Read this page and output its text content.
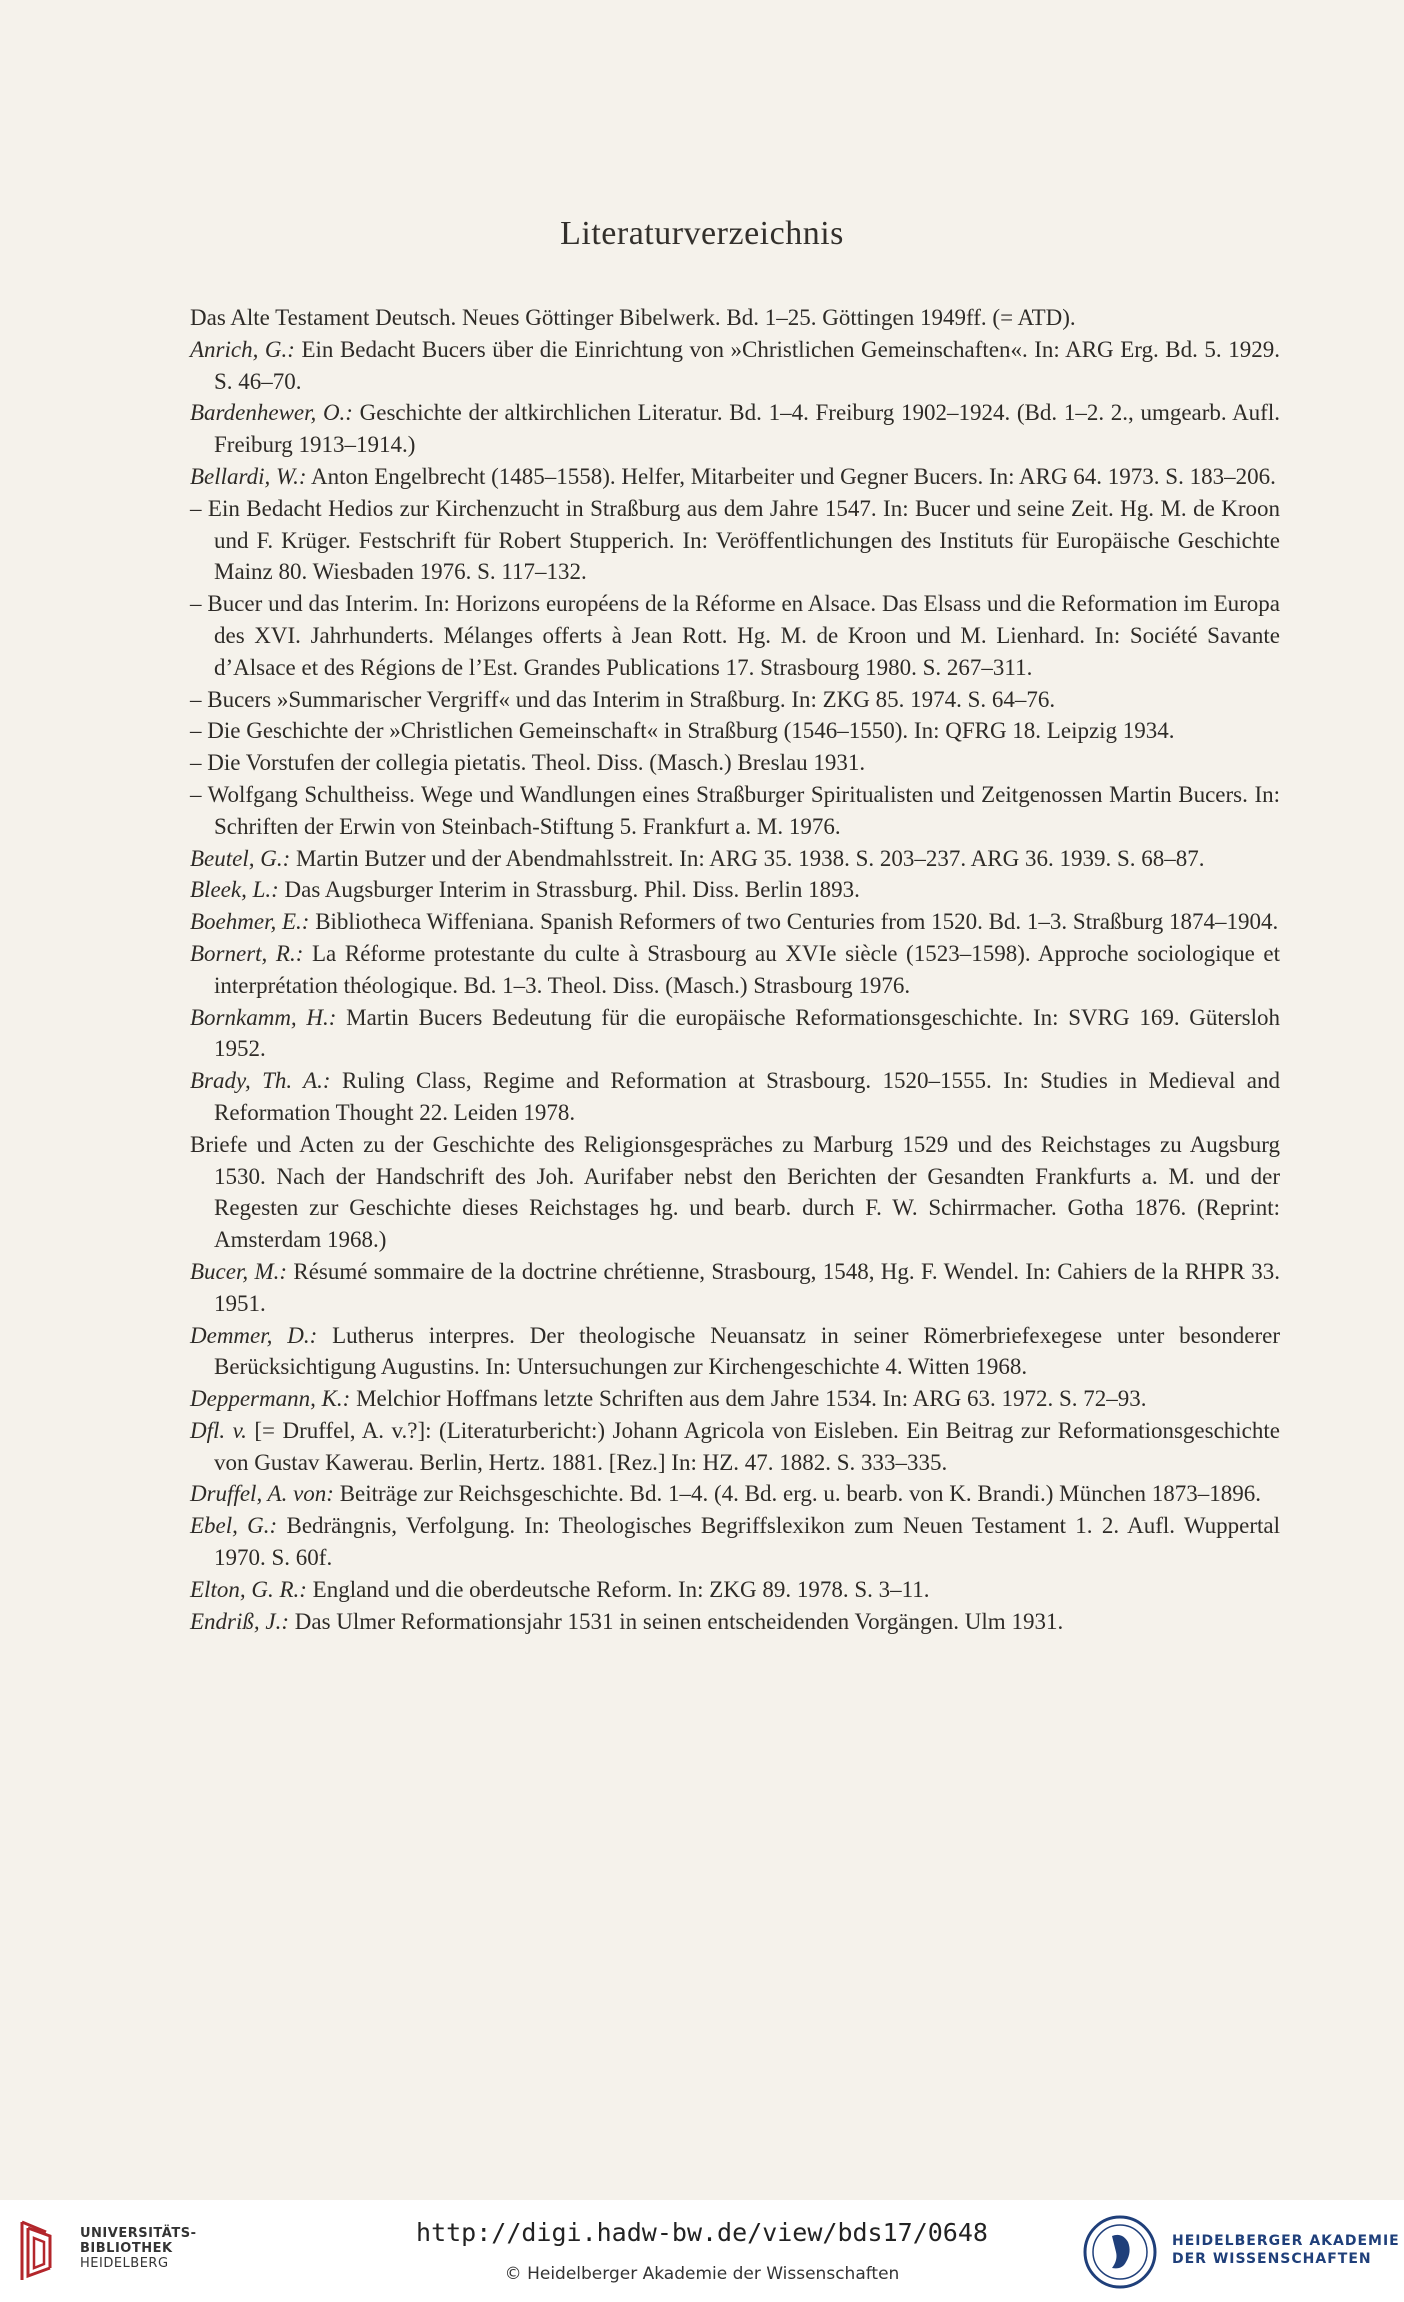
Literaturverzeichnis
Das Alte Testament Deutsch. Neues Göttinger Bibelwerk. Bd. 1–25. Göttingen 1949ff. (= ATD).
Anrich, G.: Ein Bedacht Bucers über die Einrichtung von »Christlichen Gemeinschaften«. In: ARG Erg. Bd. 5. 1929. S. 46–70.
Bardenhewer, O.: Geschichte der altkirchlichen Literatur. Bd. 1–4. Freiburg 1902–1924. (Bd. 1–2. 2., umgearb. Aufl. Freiburg 1913–1914.)
Bellardi, W.: Anton Engelbrecht (1485–1558). Helfer, Mitarbeiter und Gegner Bucers. In: ARG 64. 1973. S. 183–206.
– Ein Bedacht Hedios zur Kirchenzucht in Straßburg aus dem Jahre 1547. In: Bucer und seine Zeit. Hg. M. de Kroon und F. Krüger. Festschrift für Robert Stupperich. In: Veröffentlichungen des Instituts für Europäische Geschichte Mainz 80. Wiesbaden 1976. S. 117–132.
– Bucer und das Interim. In: Horizons européens de la Réforme en Alsace. Das Elsass und die Reformation im Europa des XVI. Jahrhunderts. Mélanges offerts à Jean Rott. Hg. M. de Kroon und M. Lienhard. In: Société Savante d’Alsace et des Régions de l’Est. Grandes Publications 17. Strasbourg 1980. S. 267–311.
– Bucers »Summarischer Vergriff« und das Interim in Straßburg. In: ZKG 85. 1974. S. 64–76.
– Die Geschichte der »Christlichen Gemeinschaft« in Straßburg (1546–1550). In: QFRG 18. Leipzig 1934.
– Die Vorstufen der collegia pietatis. Theol. Diss. (Masch.) Breslau 1931.
– Wolfgang Schultheiss. Wege und Wandlungen eines Straßburger Spiritualisten und Zeitgenossen Martin Bucers. In: Schriften der Erwin von Steinbach-Stiftung 5. Frankfurt a. M. 1976.
Beutel, G.: Martin Butzer und der Abendmahlsstreit. In: ARG 35. 1938. S. 203–237. ARG 36. 1939. S. 68–87.
Bleek, L.: Das Augsburger Interim in Strassburg. Phil. Diss. Berlin 1893.
Boehmer, E.: Bibliotheca Wiffeniana. Spanish Reformers of two Centuries from 1520. Bd. 1–3. Straßburg 1874–1904.
Bornert, R.: La Réforme protestante du culte à Strasbourg au XVIe siècle (1523–1598). Approche sociologique et interprétation théologique. Bd. 1–3. Theol. Diss. (Masch.) Strasbourg 1976.
Bornkamm, H.: Martin Bucers Bedeutung für die europäische Reformationsgeschichte. In: SVRG 169. Gütersloh 1952.
Brady, Th. A.: Ruling Class, Regime and Reformation at Strasbourg. 1520–1555. In: Studies in Medieval and Reformation Thought 22. Leiden 1978.
Briefe und Acten zu der Geschichte des Religionsgespräches zu Marburg 1529 und des Reichstages zu Augsburg 1530. Nach der Handschrift des Joh. Aurifaber nebst den Berichten der Gesandten Frankfurts a. M. und der Regesten zur Geschichte dieses Reichstages hg. und bearb. durch F. W. Schirrmacher. Gotha 1876. (Reprint: Amsterdam 1968.)
Bucer, M.: Résumé sommaire de la doctrine chrétienne, Strasbourg, 1548, Hg. F. Wendel. In: Cahiers de la RHPR 33. 1951.
Demmer, D.: Lutherus interpres. Der theologische Neuansatz in seiner Römerbriefexegese unter besonderer Berücksichtigung Augustins. In: Untersuchungen zur Kirchengeschichte 4. Witten 1968.
Deppermann, K.: Melchior Hoffmans letzte Schriften aus dem Jahre 1534. In: ARG 63. 1972. S. 72–93.
Dfl. v. [= Druffel, A. v.?]: (Literaturbericht:) Johann Agricola von Eisleben. Ein Beitrag zur Reformationsgeschichte von Gustav Kawerau. Berlin, Hertz. 1881. [Rez.] In: HZ. 47. 1882. S. 333–335.
Druffel, A. von: Beiträge zur Reichsgeschichte. Bd. 1–4. (4. Bd. erg. u. bearb. von K. Brandi.) München 1873–1896.
Ebel, G.: Bedrängnis, Verfolgung. In: Theologisches Begriffslexikon zum Neuen Testament 1. 2. Aufl. Wuppertal 1970. S. 60f.
Elton, G. R.: England und die oberdeutsche Reform. In: ZKG 89. 1978. S. 3–11.
Endriß, J.: Das Ulmer Reformationsjahr 1531 in seinen entscheidenden Vorgängen. Ulm 1931.
UNIVERSITÄTS-
BIBLIOTHEK
HEIDELBERG
http://digi.hadw-bw.de/view/bds17/0648
© Heidelberger Akademie der Wissenschaften
HEIDELBERGER AKADEMIE
DER WISSENSCHAFTEN
